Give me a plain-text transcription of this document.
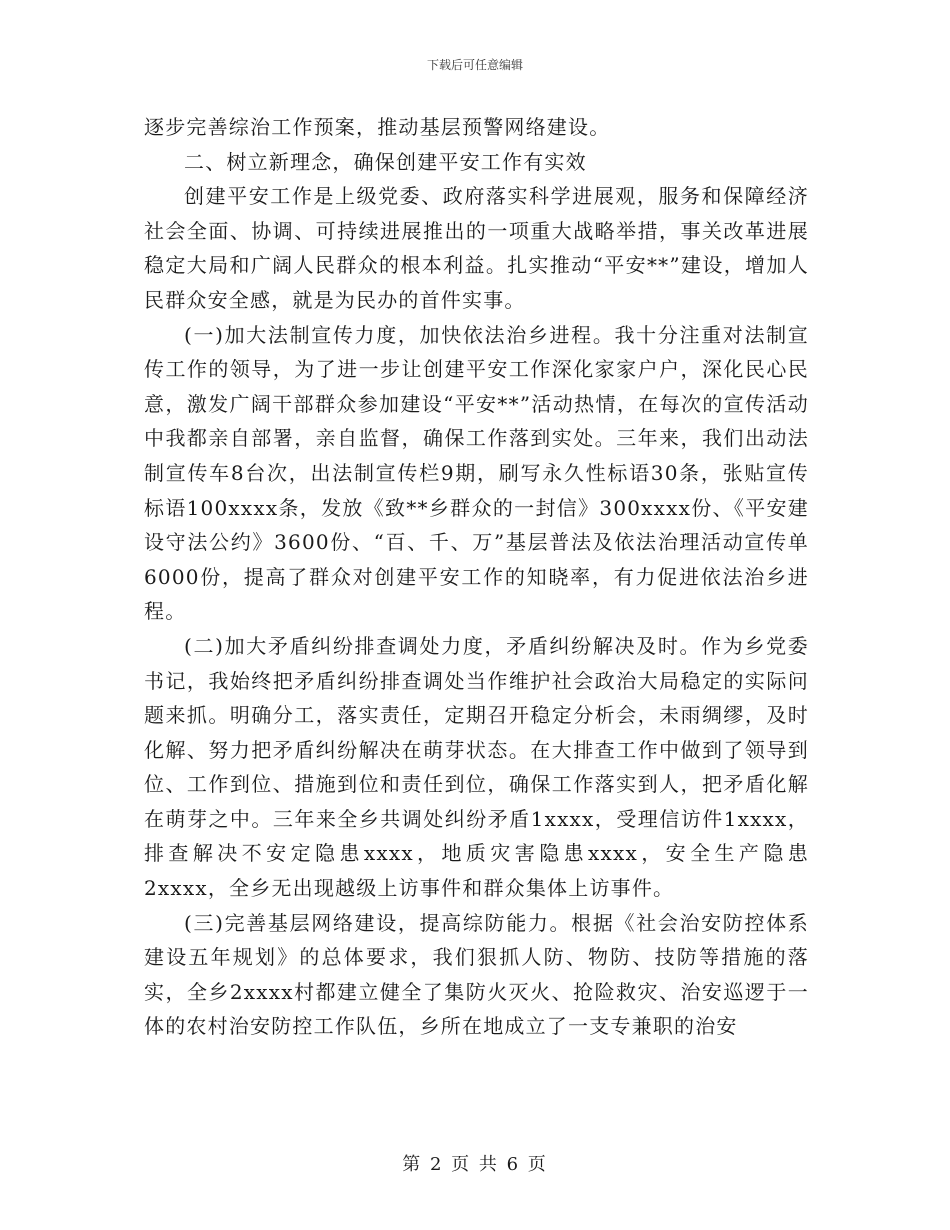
下载后可任意编辑

逐步完善综治工作预案，推动基层预警网络建设。

二、树立新理念，确保创建平安工作有实效

创建平安工作是上级党委、政府落实科学进展观，服务和保障经济社会全面、协调、可持续进展推出的一项重大战略举措，事关改革进展稳定大局和广阔人民群众的根本利益。扎实推动“平安**”建设，增加人民群众安全感，就是为民办的首件实事。

(一)加大法制宣传力度，加快依法治乡进程。我十分注重对法制宣传工作的领导，为了进一步让创建平安工作深化家家户户，深化民心民意，激发广阔干部群众参加建设“平安**”活动热情，在每次的宣传活动中我都亲自部署，亲自监督，确保工作落到实处。三年来，我们出动法制宣传车8台次，出法制宣传栏9期，刷写永久性标语30条，张贴宣传标语100xxxx条，发放《致**乡群众的一封信》300xxxx份、《平安建设守法公约》3600份、“百、千、万”基层普法及依法治理活动宣传单6000份，提高了群众对创建平安工作的知晓率，有力促进依法治乡进程。

(二)加大矛盾纠纷排查调处力度，矛盾纠纷解决及时。作为乡党委书记，我始终把矛盾纠纷排查调处当作维护社会政治大局稳定的实际问题来抓。明确分工，落实责任，定期召开稳定分析会，未雨绸缪，及时化解、努力把矛盾纠纷解决在萌芽状态。在大排查工作中做到了领导到位、工作到位、措施到位和责任到位，确保工作落实到人，把矛盾化解在萌芽之中。三年来全乡共调处纠纷矛盾1xxxx，受理信访件1xxxx，排查解决不安定隐患xxxx，地质灾害隐患xxxx，安全生产隐患2xxxx，全乡无出现越级上访事件和群众集体上访事件。

(三)完善基层网络建设，提高综防能力。根据《社会治安防控体系建设五年规划》的总体要求，我们狠抓人防、物防、技防等措施的落实，全乡2xxxx村都建立健全了集防火灭火、抢险救灾、治安巡逻于一体的农村治安防控工作队伍，乡所在地成立了一支专兼职的治安

第 2 页 共 6 页
